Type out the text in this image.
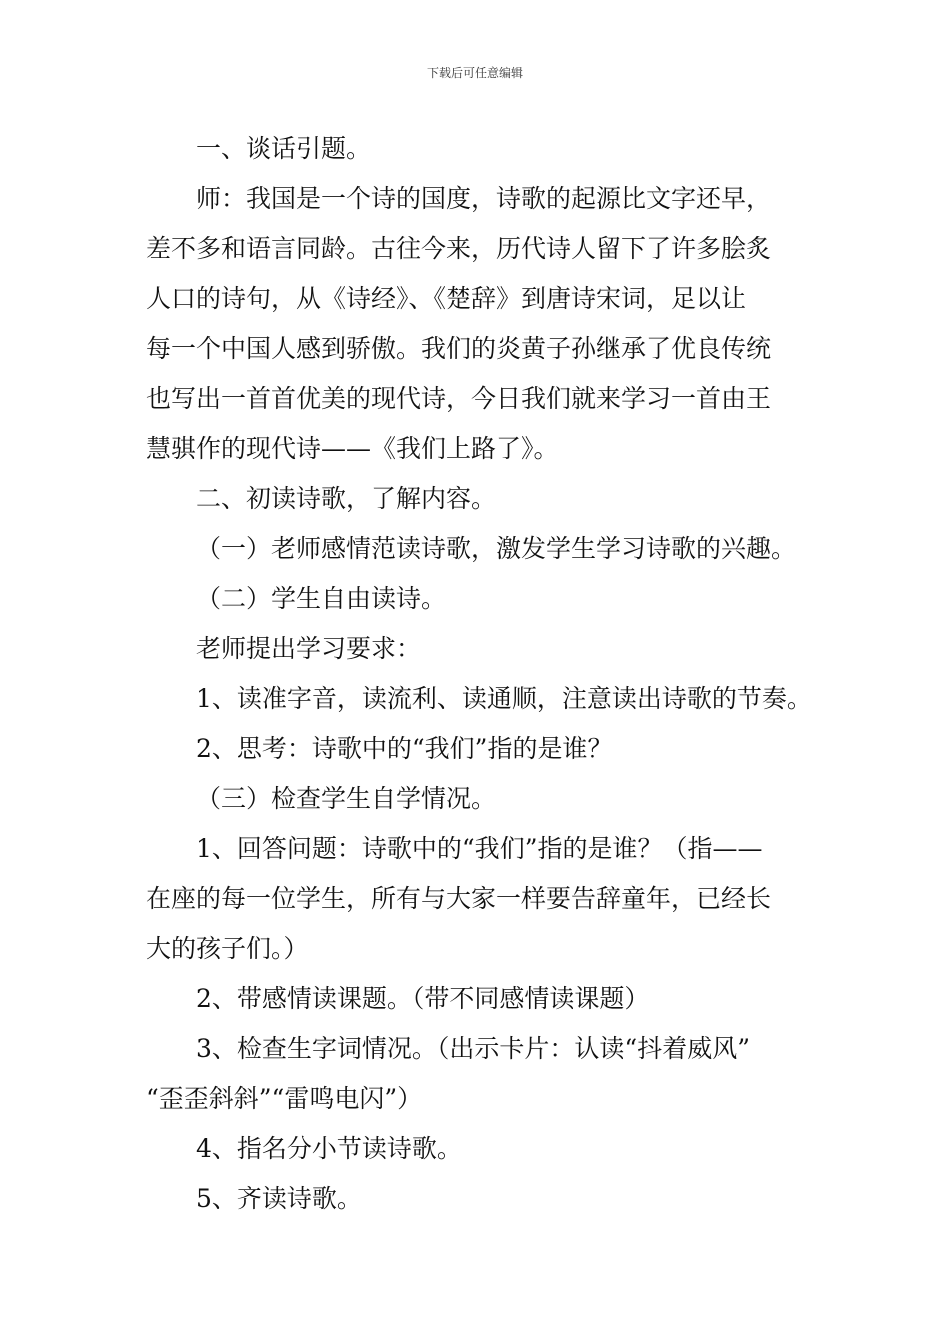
下载后可任意编辑
一、谈话引题。
师：我国是一个诗的国度，诗歌的起源比文字还早，
差不多和语言同龄。古往今来，历代诗人留下了许多脍炙
人口的诗句，从《诗经》、《楚辞》到唐诗宋词，足以让
每一个中国人感到骄傲。我们的炎黄子孙继承了优良传统
也写出一首首优美的现代诗，今日我们就来学习一首由王
慧骐作的现代诗——《我们上路了》。
二、初读诗歌，了解内容。
（一）老师感情范读诗歌，激发学生学习诗歌的兴趣。
（二）学生自由读诗。
老师提出学习要求：
1、读准字音，读流利、读通顺，注意读出诗歌的节奏。
2、思考：诗歌中的“我们”指的是谁？
（三）检查学生自学情况。
1、回答问题：诗歌中的“我们”指的是谁？（指——
在座的每一位学生，所有与大家一样要告辞童年，已经长
大的孩子们。）
2、带感情读课题。（带不同感情读课题）
3、检查生字词情况。（出示卡片：认读“抖着威风”
“歪歪斜斜”“雷鸣电闪”）
4、指名分小节读诗歌。
5、齐读诗歌。
